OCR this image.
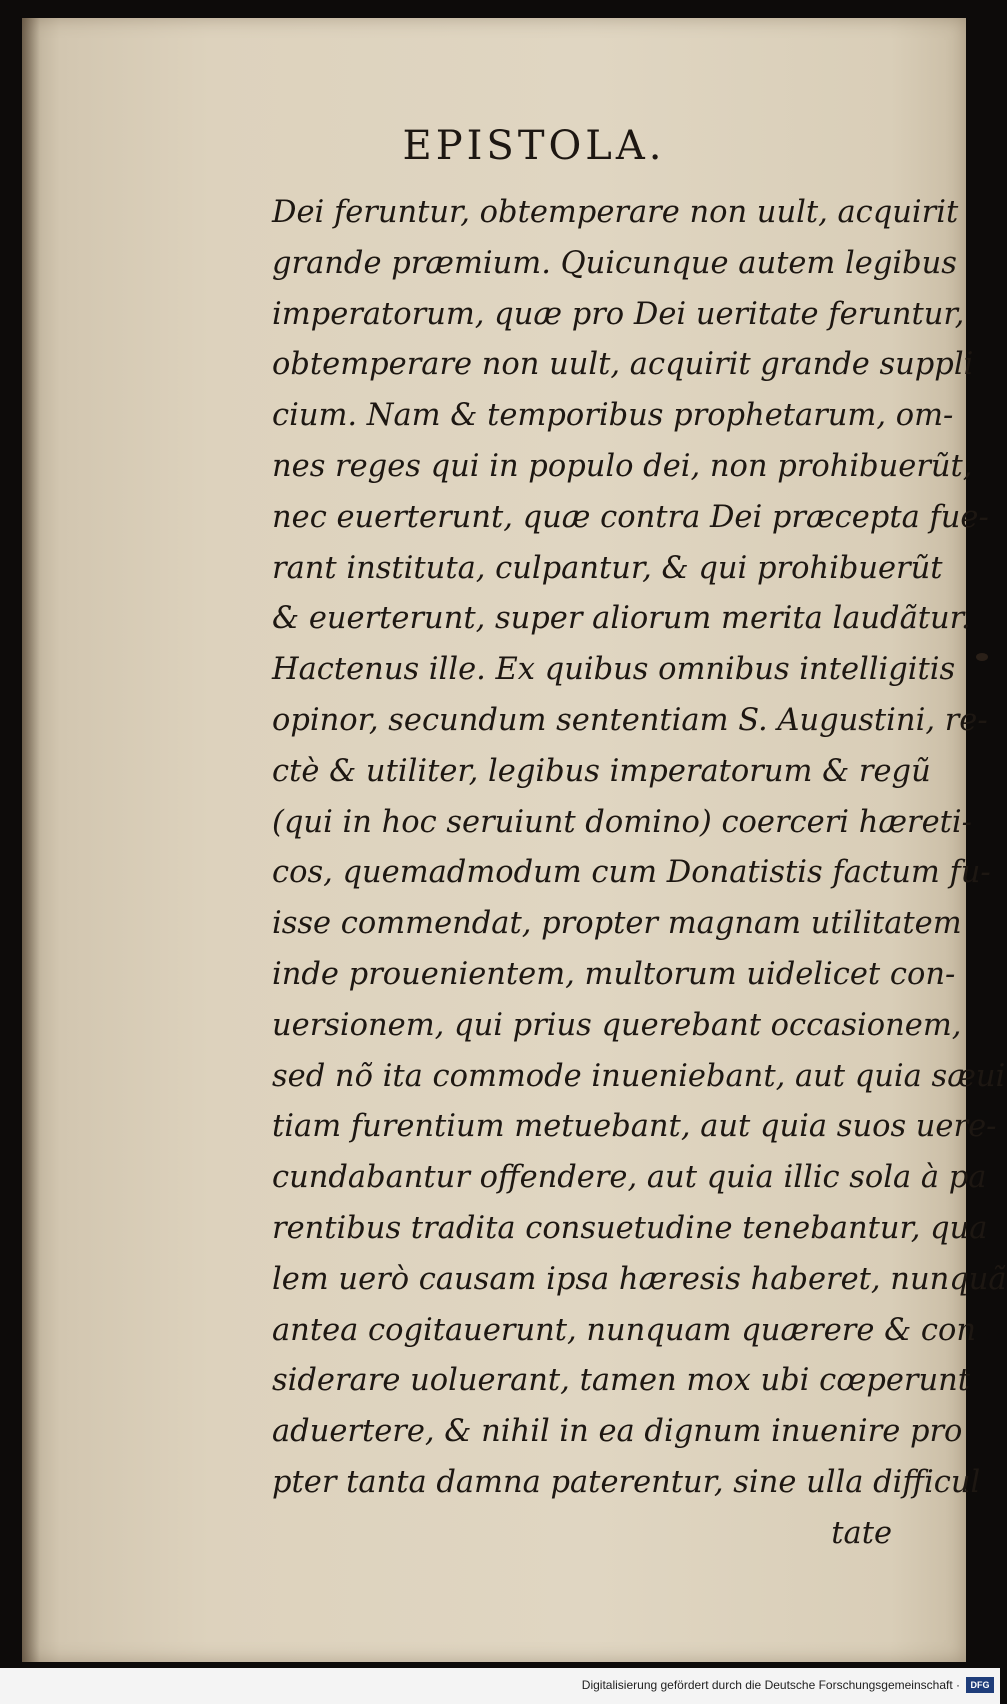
EPISTOLA.
Dei feruntur, obtemperare non uult, acquirit
grande præmium. Quicunque autem legibus
imperatorum, quæ pro Dei ueritate feruntur,
obtemperare non uult, acquirit grande suppli
cium. Nam & temporibus prophetarum, om-
nes reges qui in populo dei, non prohibuerũt,
nec euerterunt, quæ contra Dei præcepta fue-
rant instituta, culpantur, & qui prohibuerũt
& euerterunt, super aliorum merita laudãtur.
Hactenus ille. Ex quibus omnibus intelligitis
opinor, secundum sententiam S. Augustini, re-
ctè & utiliter, legibus imperatorum & regũ
(qui in hoc seruiunt domino) coerceri hæreti-
cos, quemadmodum cum Donatistis factum fu-
isse commendat, propter magnam utilitatem
inde prouenientem, multorum uidelicet con-
uersionem, qui prius querebant occasionem,
sed nõ ita commode inueniebant, aut quia sæui
tiam furentium metuebant, aut quia suos uere-
cundabantur offendere, aut quia illic sola à pa
rentibus tradita consuetudine tenebantur, qua
lem uerò causam ipsa hæresis haberet, nunquã
antea cogitauerunt, nunquam quærere & con
siderare uoluerant, tamen mox ubi cœperunt
aduertere, & nihil in ea dignum inuenire pro
pter tanta damna paterentur, sine ulla difficul
tate
Digitalisierung gefördert durch die Deutsche Forschungsgemeinschaft ·	DFG
